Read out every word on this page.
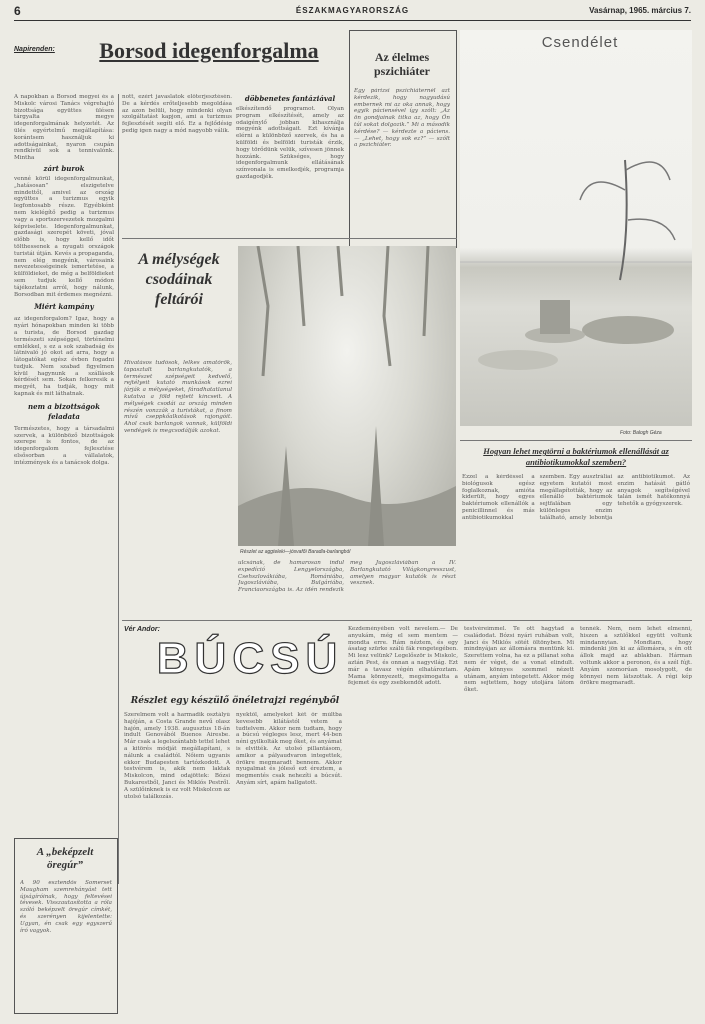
6	ÉSZAKMAGYARORSZÁG	Vasárnap, 1965. március 7.
Napirenden:	Borsod idegenforgalma

A napokban a Borsod megyei és a Miskolc városi Tanács végrehajtó bizottsága együttes ülésen tárgyalta megye idegenforgalmának helyzetét. Az ülés egyértelmű megállapítása: korántsem használjuk ki adottságainkat, nyaron csupán rendkívül sok a tennivalónk. Mintha

zárt burok

venné körül idegenforgalmunkat, „hatásosan” elszigetelve mindettől, amivel az ország együttes a turizmus egyik legfontosabb része. Egyébként nem kielégítő pedig a turizmus vagy a sportszervezetek mozgalmi képviselete. Idegenforgalmunkat, gazdasági szerepét követi, jóval előbb is, hogy kellő időt tölthessenek a nyugati országok turistái útján. Kevés a propaganda, nem elég megyénk, városaink nevezetességeinek ismertetése, a külföldieket, de még a belföldieket sem tudjuk kellő módon tájékoztatni arról, hogy nálunk, Borsodban mit érdemes megnézni.

Miért kampány

az idegenforgalom? Igaz, hogy a nyári hónapokban minden ki több a turista, de Borsod gazdag természeti szépséggel, történelmi emlékkel, s ez a sok szabadság és látnivaló jó okot ad arra, hogy a látogatókat egész évben fogadni tudjuk. Nem szabad figyelmen kívül hagynunk a szállások kérdését sem. Sokan felkeresik a megyét, ha tudják, hogy mit kapnak és mit láthatnak.

nem a bizottságok feladata

Természetes, hogy a társadalmi szervek, a különböző bizottságok szerepe is fontos, de az idegenforgalom fejlesztése elsősorban a vállalatok, intézmények és a tanácsok dolga.

nott, ezért javaslatok előterjesztésén. De a kérdés erőteljesebb megoldása az azon belüli, hogy mindenki olyan szolgáltatást kapjon, ami a turizmus fejlesztését segíti elő. Ez a fejlődésig pedig igen nagy a mód nagyobb válik.

döbbenetes fantáziával

elkészítendő programot. Olyan program elkészítését, amely az odaigénylő jobban kihasználja megyénk adottságait. Ezt kívánja elérni a különböző szervek, és ha a külföldi és belföldi turisták érzik, hogy törődünk velük, szívesen jönnek hozzánk. Szükséges, hogy idegenforgalmunk ellátásának színvonala is emelkedjék, programja gazdagodjék.

Az élelmes pszichiáter

Egy párizsi pszichiáternél azt kérdezik, hogy nagyudású embernek mi az oka annak, hogy egyik páciensével így szólt: „Az ön gondjainak titka az, hogy Ön túl sokat dolgozik.” Mi a második kérdése? — kérdezte a páciens. — „Lehet, hogy sok ez?” — szólt a pszichiáter.

Csendélet
Foto: Balogh Géza
A mélységek csodáinak feltárói

Hivatásos tudósok, lelkes amatőrök, tapasztalt barlangkutatók, a természet szépségeit kedvelő, rejtélyeit kutató munkások ezrei járják a mélységeket, fáradhatatlanul kutatva a föld rejtett kincseit. A mélységek csodái az ország minden részén vonzzák a turistákat, a finom mívű cseppkőalkotások rajongóit. Ahol csak barlangok vannak, külföldi vendégek is megcsodálják azokat.

Részlet az aggteleki—jósvafői Baradla-barlangból

ulcsának, de hamarosan indul expedíció Lengyelországba, Csehszlovákiába, Romániába, Jugoszláviába, Bulgáriába, Franciaországba is. Az idén rendezik meg Jugoszláviában a IV. Barlangkutató Világkongresszust, amelyen magyar kutatók is részt vesznek.

Hogyan lehet megtörni a baktériumok ellenállását az antibiotikumokkal szemben?

Ezzel a kérdéssel a biológusok egész foglalkoznak, amióta kiderült, hogy egyes baktériumok ellenállók a penicillinnel és más antibiotikumokkal szemben. Egy ausztráliai egyetem kutatói most megállapították, hogy az ellenálló baktériumok sejtfalában egy különleges enzim található, amely lebontja az antibiotikumot. Az enzim hatását gátló anyagok segítségével talán ismét hatékonnyá tehetők a gyógyszerek.

Vér Andor:
BÚCSÚ
Részlet egy készülő önéletrajzi regényből

Szerelmem volt a harmadik osztályú hajóján, a Costa Grande nevű olasz hajón, amely 1938. augusztus 18-án indult Genovából Buenos Airesbe. Már csak a legelszántabb tettel lehet a kitörés módját megállapítani, s nálunk a családtól. Nőiem ugyanis ekkor Budapesten tartózkodott. A testvérem is, akik nem laktak Miskolcon, mind odajöttek: Bózsi Bukarestből, Janci és Miklós Pestről. A szülőinknek is ez volt Miskolcon az utolsó találkozás.

nyektől, amelyeket két őr múltba kevesebb kilátástól vetem a tudtelvem. Akkor nem tudtam, hogy a búcsú végleges lesz, mert 44-ben néni gyilkolták meg őket, és anyámat is elvitték. Az utolsó pillantásom, amikor a pályaudvaron integettek, örökre megmaradt bennem. Akkor nyugalmat és jóleső ezt éreztem, a megmentés csak nehezíti a búcsút. Anyám sírt, apám hallgatott.

Kezdeményében volt nevelem.— De anyukám, még el sem mentem — mondta erre. Rám néztem, és egy ásatag szürke szálú fák rengetegében. Mi lesz velünk? Legelőször is Miskolc, aztán Pest, és onnan a nagyvilág. Ezt már a tavasz végén elhatároztam. Mama könnyezett, megsimogatta a fejemet és egy zsebkendőt adott.

testvéreimmel. Te ott hagytad a családodat. Bózsi nyári ruhában volt, Janci és Miklós sötét öltönyben. Mi mindnyájan az állomásra mentünk ki. Szerettem volna, ha ez a pillanat soha nem ér véget, de a vonat elindult. Apám könnyes szemmel nézett utánam, anyám integetett. Akkor még nem sejtettem, hogy utoljára látom őket.

tennék. Nem, nem lehet elmenni, hiszen a szülőkkel együtt voltunk mindannyian. Mondtam, hogy mindenki jön ki az állomásra, s én ott állok majd az ablakban. Hárman voltunk akkor a peronon, és a szél fújt. Anyám szomorúan mosolygott, de könnyei nem látszottak. A régi kép örökre megmaradt.

A „beképzelt öregúr”

A 90 esztendős Somerset Maugham szemrehányást tett újságíróinak, hogy feltevései tévesek. Visszautasította a róla szóló beképzelt öregúr címkét, és szerényen kijelentette: Ugyan, én csak egy egyszerű író vagyok.
